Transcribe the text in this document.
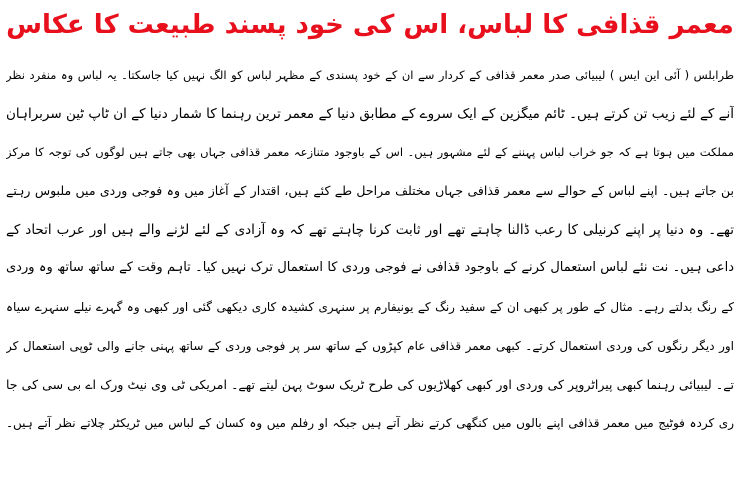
معمر قذافی کا لباس، اس کی خود پسند طبیعت کا عکاس
طرابلس ( آئی این ایس ) لیبیائی صدر معمر قذافی کے کردار سے ان کے خود پسندی کے مظہر لباس کو الگ نہیں کیا جاسکتا۔ یہ لباس وہ منفرد نظر
آنے کے لئے زیب تن کرتے ہیں۔ ٹائم میگزین کے ایک سروے کے مطابق دنیا کے معمر ترین رہنما کا شمار دنیا کے ان ٹاپ ٹین سربراہان
مملکت میں ہوتا ہے کہ جو خراب لباس پہننے کے لئے مشہور ہیں۔ اس کے باوجود متنازعہ معمر قذافی جہاں بھی جاتے ہیں لوگوں کی توجہ کا مرکز
بن جاتے ہیں۔ اپنے لباس کے حوالے سے معمر قذافی جہاں مختلف مراحل طے کئے ہیں، اقتدار کے آغاز میں وہ فوجی وردی میں ملبوس رہتے
تھے۔ وہ دنیا پر اپنے کرنیلی کا رعب ڈالنا چاہتے تھے اور ثابت کرنا چاہتے تھے کہ وہ آزادی کے لئے لڑنے والے ہیں اور عرب اتحاد کے
داعی ہیں۔ نت نئے لباس استعمال کرنے کے باوجود قذافی نے فوجی وردی کا استعمال ترک نہیں کیا۔ تاہم وقت کے ساتھ ساتھ وہ وردی
کے رنگ بدلتے رہے۔ مثال کے طور پر کبھی ان کے سفید رنگ کے یونیفارم پر سنہری کشیدہ کاری دیکھی گئی اور کبھی وہ گہرے نیلے سنہرے سیاہ
اور دیگر رنگوں کی وردی استعمال کرتے۔ کبھی معمر قذافی عام کپڑوں کے ساتھ سر پر فوجی وردی کے ساتھ پہنی جانے والی ٹوپی استعمال کر
تے۔ لیبیائی رہنما کبھی پیراٹروپر کی وردی اور کبھی کھلاڑیوں کی طرح ٹریک سوٹ پہن لیتے تھے۔ امریکی ٹی وی نیٹ ورک اے بی سی کی جا
ری کردہ فوٹیج میں معمر قذافی اپنے بالوں میں کنگھی کرتے نظر آتے ہیں جبکہ او رفلم میں وہ کسان کے لباس میں ٹریکٹر چلاتے نظر آتے ہیں۔
